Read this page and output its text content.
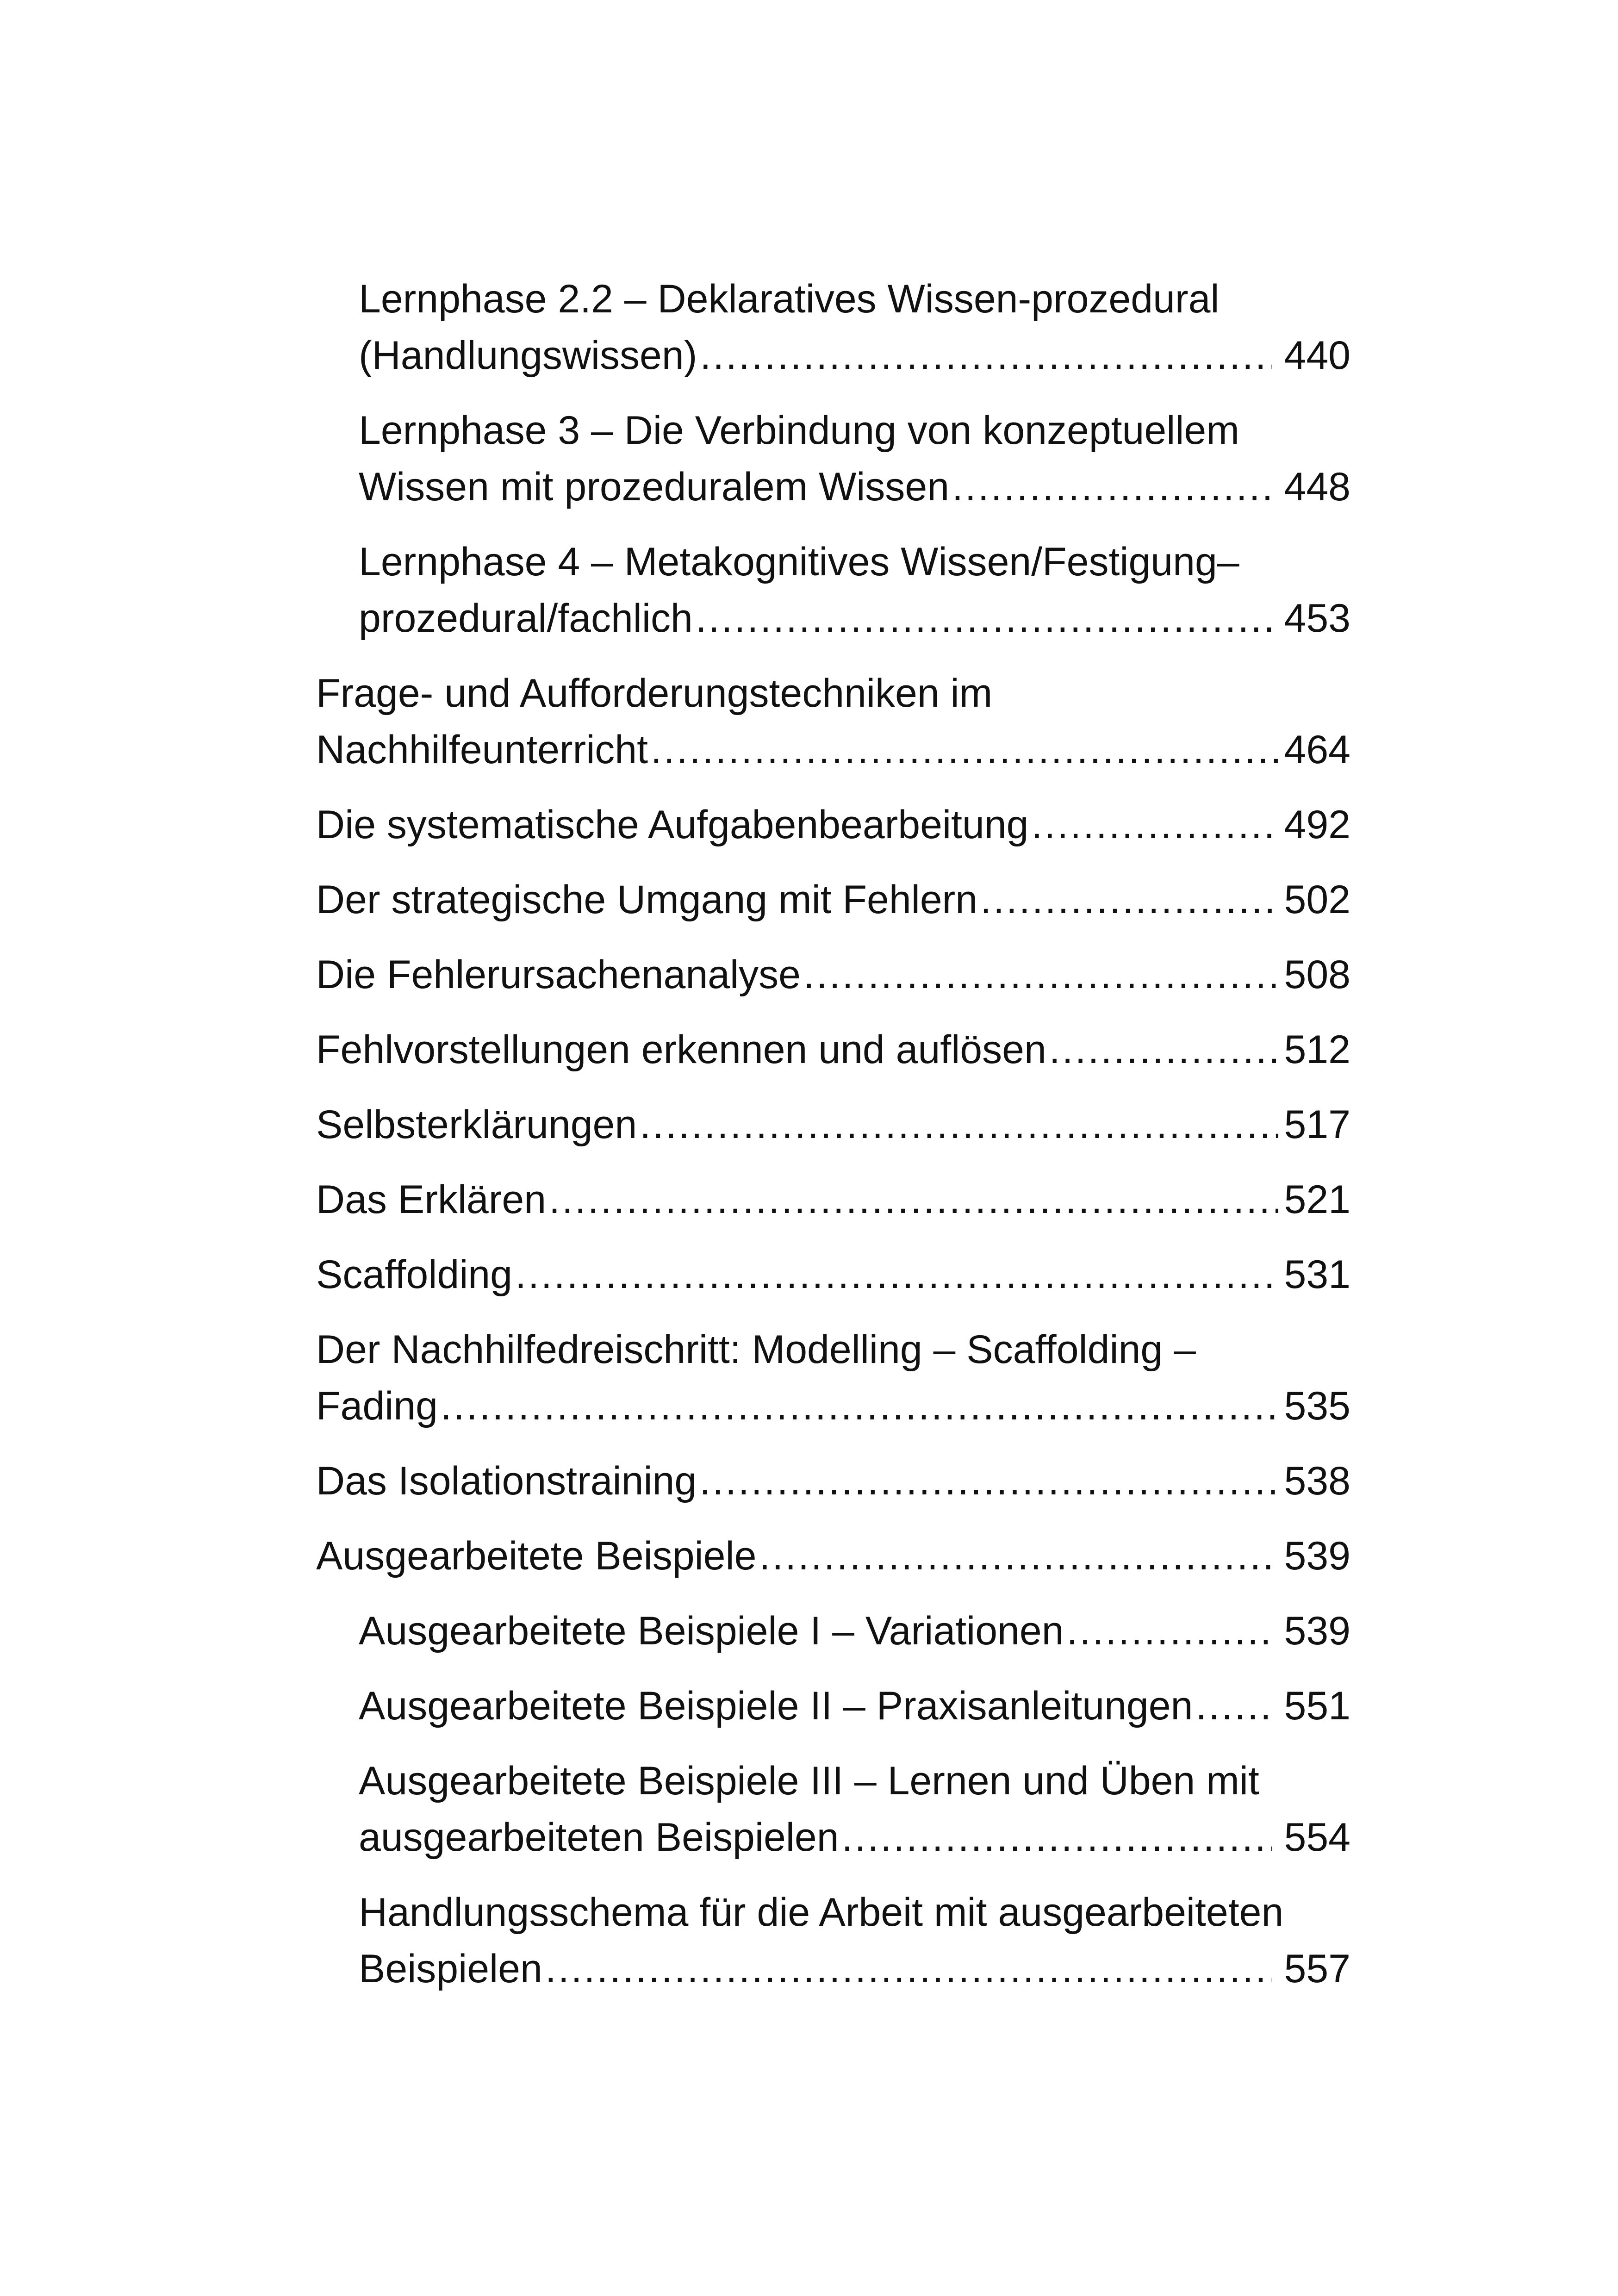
Lernphase 2.2 – Deklaratives Wissen-prozedural
(Handlungswissen) .....	440
Lernphase 3 – Die Verbindung von konzeptuellem
Wissen mit prozeduralem Wissen .....	448
Lernphase 4 – Metakognitives Wissen/Festigung–
prozedural/fachlich .....	453
Frage- und Aufforderungstechniken im
Nachhilfeunterricht .....	464
Die systematische Aufgabenbearbeitung .....	492
Der strategische Umgang mit Fehlern .....	502
Die Fehlerursachenanalyse .....	508
Fehlvorstellungen erkennen und auflösen .....	512
Selbsterklärungen .....	517
Das Erklären .....	521
Scaffolding .....	531
Der Nachhilfedreischritt: Modelling – Scaffolding –
Fading .....	535
Das Isolationstraining .....	538
Ausgearbeitete Beispiele .....	539
Ausgearbeitete Beispiele I – Variationen .....	539
Ausgearbeitete Beispiele II – Praxisanleitungen ..... 551
Ausgearbeitete Beispiele III – Lernen und Üben mit
ausgearbeiteten Beispielen .....	554
Handlungsschema für die Arbeit mit ausgearbeiteten
Beispielen .....	557
